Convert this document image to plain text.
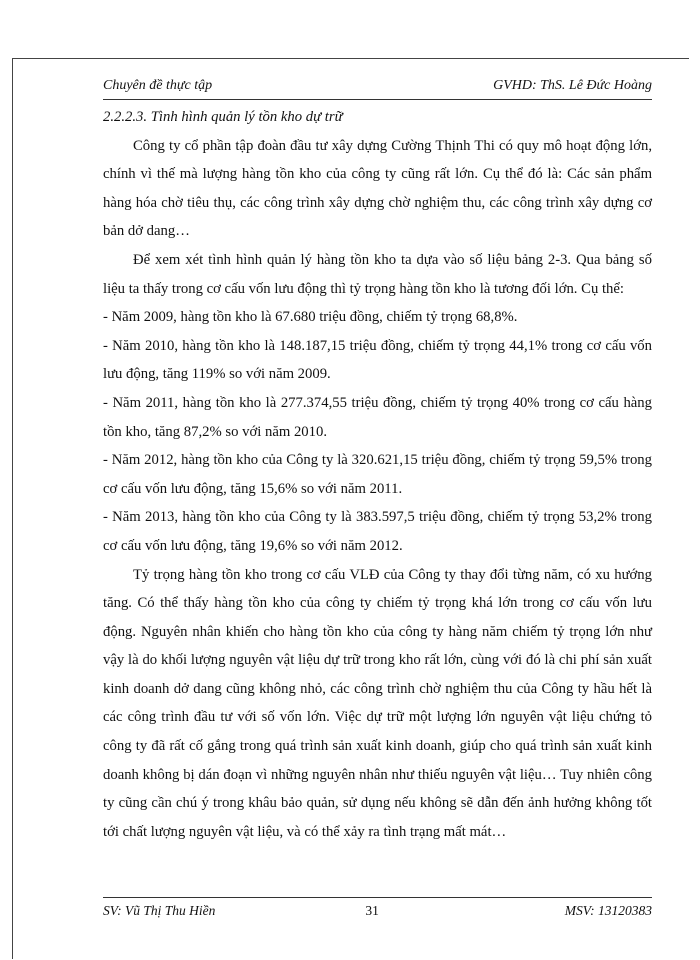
Chuyên đề thực tập	GVHD: ThS. Lê Đức Hoàng

2.2.2.3. Tình hình quản lý tồn kho dự trữ

Công ty cổ phần tập đoàn đầu tư xây dựng Cường Thịnh Thi có quy mô hoạt động lớn, chính vì thế mà lượng hàng tồn kho của công ty cũng rất lớn. Cụ thể đó là: Các sản phẩm hàng hóa chờ tiêu thụ, các công trình xây dựng chờ nghiệm thu, các công trình xây dựng cơ bản dở dang…

Để xem xét tình hình quản lý hàng tồn kho ta dựa vào số liệu bảng 2-3. Qua bảng số liệu ta thấy trong cơ cấu vốn lưu động thì tỷ trọng hàng tồn kho là tương đối lớn. Cụ thể:

- Năm 2009, hàng tồn kho là 67.680 triệu đồng, chiếm tỷ trọng 68,8%.

- Năm 2010, hàng tồn kho là 148.187,15 triệu đồng, chiếm tỷ trọng 44,1% trong cơ cấu vốn lưu động, tăng 119% so với năm 2009.

- Năm 2011, hàng tồn kho là 277.374,55 triệu đồng, chiếm tỷ trọng 40% trong cơ cấu hàng tồn kho, tăng 87,2% so với năm 2010.

- Năm 2012, hàng tồn kho của Công ty là 320.621,15 triệu đồng, chiếm tỷ trọng 59,5% trong cơ cấu vốn lưu động, tăng 15,6% so với năm 2011.

- Năm 2013, hàng tồn kho của Công ty là 383.597,5 triệu đồng, chiếm tỷ trọng 53,2% trong cơ cấu vốn lưu động, tăng 19,6% so với năm 2012.

Tỷ trọng hàng tồn kho trong cơ cấu VLĐ của Công ty thay đổi từng năm, có xu hướng tăng. Có thể thấy hàng tồn kho của công ty chiếm tỷ trọng khá lớn trong cơ cấu vốn lưu động. Nguyên nhân khiến cho hàng tồn kho của công ty hàng năm chiếm tỷ trọng lớn như vậy là do khối lượng nguyên vật liệu dự trữ trong kho rất lớn, cùng với đó là chi phí sản xuất kinh doanh dở dang cũng không nhỏ, các công trình chờ nghiệm thu của Công ty hầu hết là các công trình đầu tư với số vốn lớn. Việc dự trữ một lượng lớn nguyên vật liệu chứng tỏ công ty đã rất cố gắng trong quá trình sản xuất kinh doanh, giúp cho quá trình sản xuất kinh doanh không bị dán đoạn vì những nguyên nhân như thiếu nguyên vật liệu… Tuy nhiên công ty cũng cần chú ý trong khâu bảo quản, sử dụng nếu không sẽ dẫn đến ảnh hưởng không tốt tới chất lượng nguyên vật liệu, và có thể xảy ra tình trạng mất mát…

SV: Vũ Thị Thu Hiền	31	MSV: 13120383
